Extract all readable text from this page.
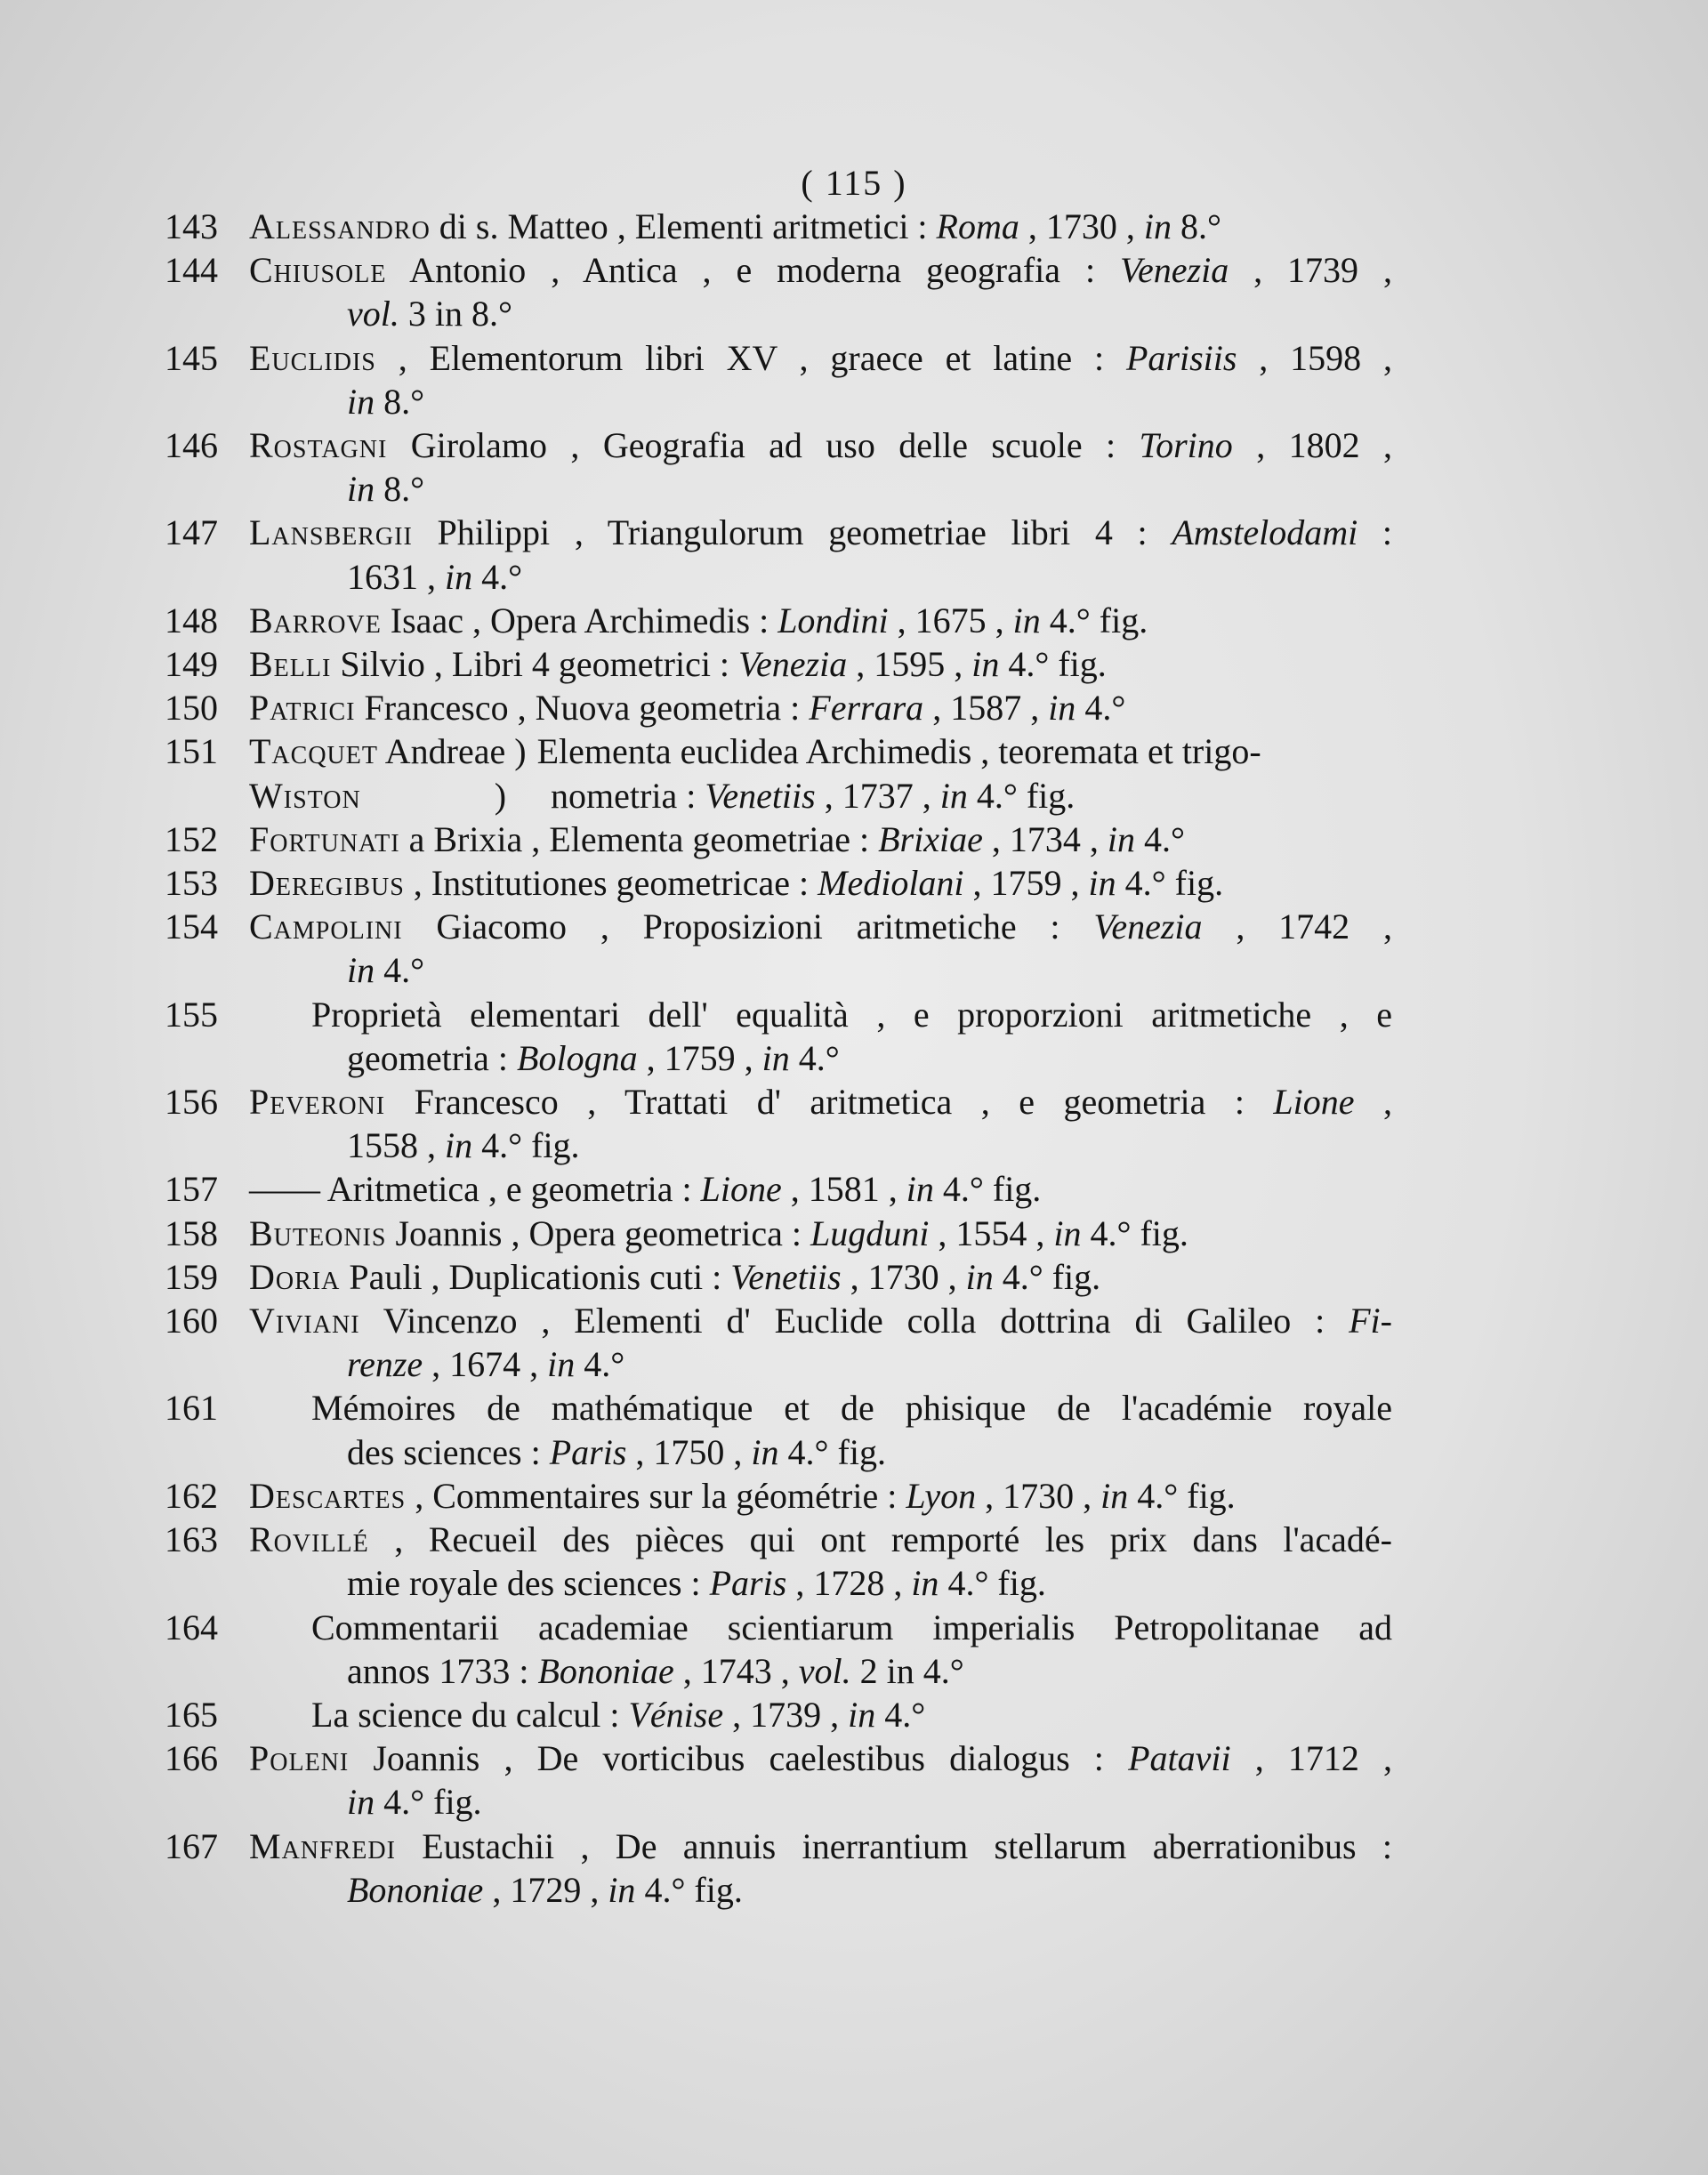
( 115 )
143 Alessandro di s. Matteo , Elementi aritmetici : Roma , 1730 , in 8.°
144 Chiusole Antonio , Antica , e moderna geografia : Venezia , 1739 ,
vol. 3 in 8.°
145 Euclidis , Elementorum libri XV , graece et latine : Parisiis , 1598 ,
in 8.°
146 Rostagni Girolamo , Geografia ad uso delle scuole : Torino , 1802 ,
in 8.°
147 Lansbergii Philippi , Triangulorum geometriae libri 4 : Amstelodami :
1631 , in 4.°
148 Barrove Isaac , Opera Archimedis : Londini , 1675 , in 4.° fig.
149 Belli Silvio , Libri 4 geometrici : Venezia , 1595 , in 4.° fig.
150 Patrici Francesco , Nuova geometria : Ferrara , 1587 , in 4.°
151 Tacquet Andreae ) Elementa euclidea Archimedis , teoremata et trigo-
Wiston	) nometria : Venetiis , 1737 , in 4.° fig.
152 Fortunati a Brixia , Elementa geometriae : Brixiae , 1734 , in 4.°
153 Deregibus , Institutiones geometricae : Mediolani , 1759 , in 4.° fig.
154 Campolini Giacomo , Proposizioni aritmetiche : Venezia , 1742 ,
in 4.°
155	Proprietà elementari dell' equalità , e proporzioni aritmetiche , e
geometria : Bologna , 1759 , in 4.°
156 Peveroni Francesco , Trattati d' aritmetica , e geometria : Lione ,
1558 , in 4.° fig.
157 —— Aritmetica , e geometria : Lione , 1581 , in 4.° fig.
158 Buteonis Joannis , Opera geometrica : Lugduni , 1554 , in 4.° fig.
159 Doria Pauli , Duplicationis cuti : Venetiis , 1730 , in 4.° fig.
160 Viviani Vincenzo , Elementi d' Euclide colla dottrina di Galileo : Fi-
renze , 1674 , in 4.°
161	Mémoires de mathématique et de phisique de l'académie royale
des sciences : Paris , 1750 , in 4.° fig.
162 Descartes , Commentaires sur la géométrie : Lyon , 1730 , in 4.° fig.
163 Rovillé , Recueil des pièces qui ont remporté les prix dans l'acadé-
mie royale des sciences : Paris , 1728 , in 4.° fig.
164	Commentarii academiae scientiarum imperialis Petropolitanae ad
annos 1733 : Bononiae , 1743 , vol. 2 in 4.°
165	La science du calcul : Vénise , 1739 , in 4.°
166 Poleni Joannis , De vorticibus caelestibus dialogus : Patavii , 1712 ,
in 4.° fig.
167 Manfredi Eustachii , De annuis inerrantium stellarum aberrationibus :
Bononiae , 1729 , in 4.° fig.
